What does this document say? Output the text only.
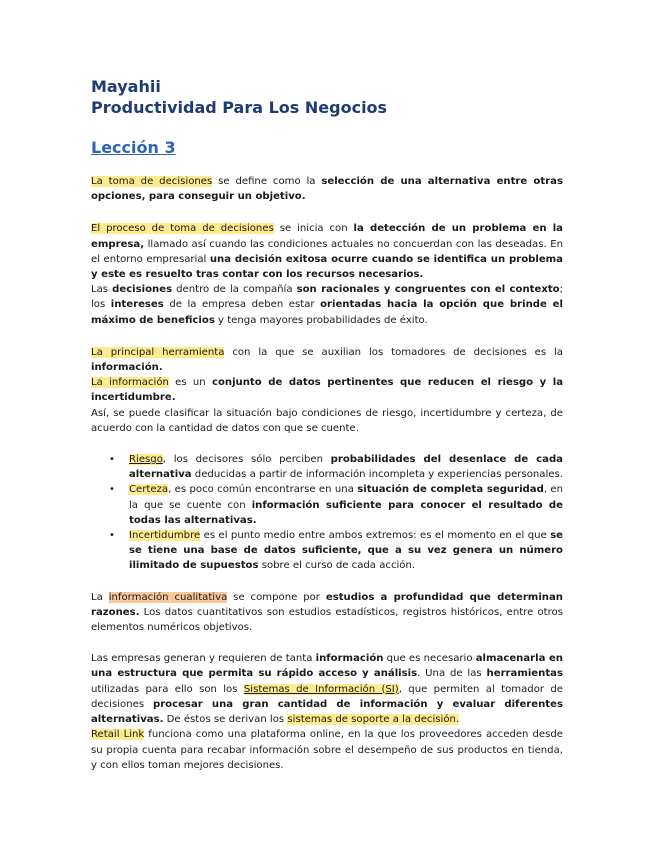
Mayahii
Productividad Para Los Negocios
Lección 3

La toma de decisiones se define como la selección de una alternativa entre otras opciones, para conseguir un objetivo.

El proceso de toma de decisiones se inicia con la detección de un problema en la empresa, llamado así cuando las condiciones actuales no concuerdan con las deseadas. En el entorno empresarial una decisión exitosa ocurre cuando se identifica un problema y este es resuelto tras contar con los recursos necesarios.
Las decisiones dentro de la compañía son racionales y congruentes con el contexto; los intereses de la empresa deben estar orientadas hacia la opción que brinde el máximo de beneficios y tenga mayores probabilidades de éxito.

La principal herramienta con la que se auxilian los tomadores de decisiones es la información.
La información es un conjunto de datos pertinentes que reducen el riesgo y la incertidumbre.
Así, se puede clasificar la situación bajo condiciones de riesgo, incertidumbre y certeza, de acuerdo con la cantidad de datos con que se cuente.

• Riesgo, los decisores sólo perciben probabilidades del desenlace de cada alternativa deducidas a partir de información incompleta y experiencias personales.
• Certeza, es poco común encontrarse en una situación de completa seguridad, en la que se cuente con información suficiente para conocer el resultado de todas las alternativas.
• Incertidumbre es el punto medio entre ambos extremos: es el momento en el que se se tiene una base de datos suficiente, que a su vez genera un número ilimitado de supuestos sobre el curso de cada acción.

La información cualitativa se compone por estudios a profundidad que determinan razones. Los datos cuantitativos son estudios estadísticos, registros históricos, entre otros elementos numéricos objetivos.

Las empresas generan y requieren de tanta información que es necesario almacenarla en una estructura que permita su rápido acceso y análisis. Una de las herramientas utilizadas para ello son los Sistemas de Información (SI), que permiten al tomador de decisiones procesar una gran cantidad de información y evaluar diferentes alternativas. De éstos se derivan los sistemas de soporte a la decisión.
Retail Link funciona como una plataforma online, en la que los proveedores acceden desde su propia cuenta para recabar información sobre el desempeño de sus productos en tienda, y con ellos toman mejores decisiones.
